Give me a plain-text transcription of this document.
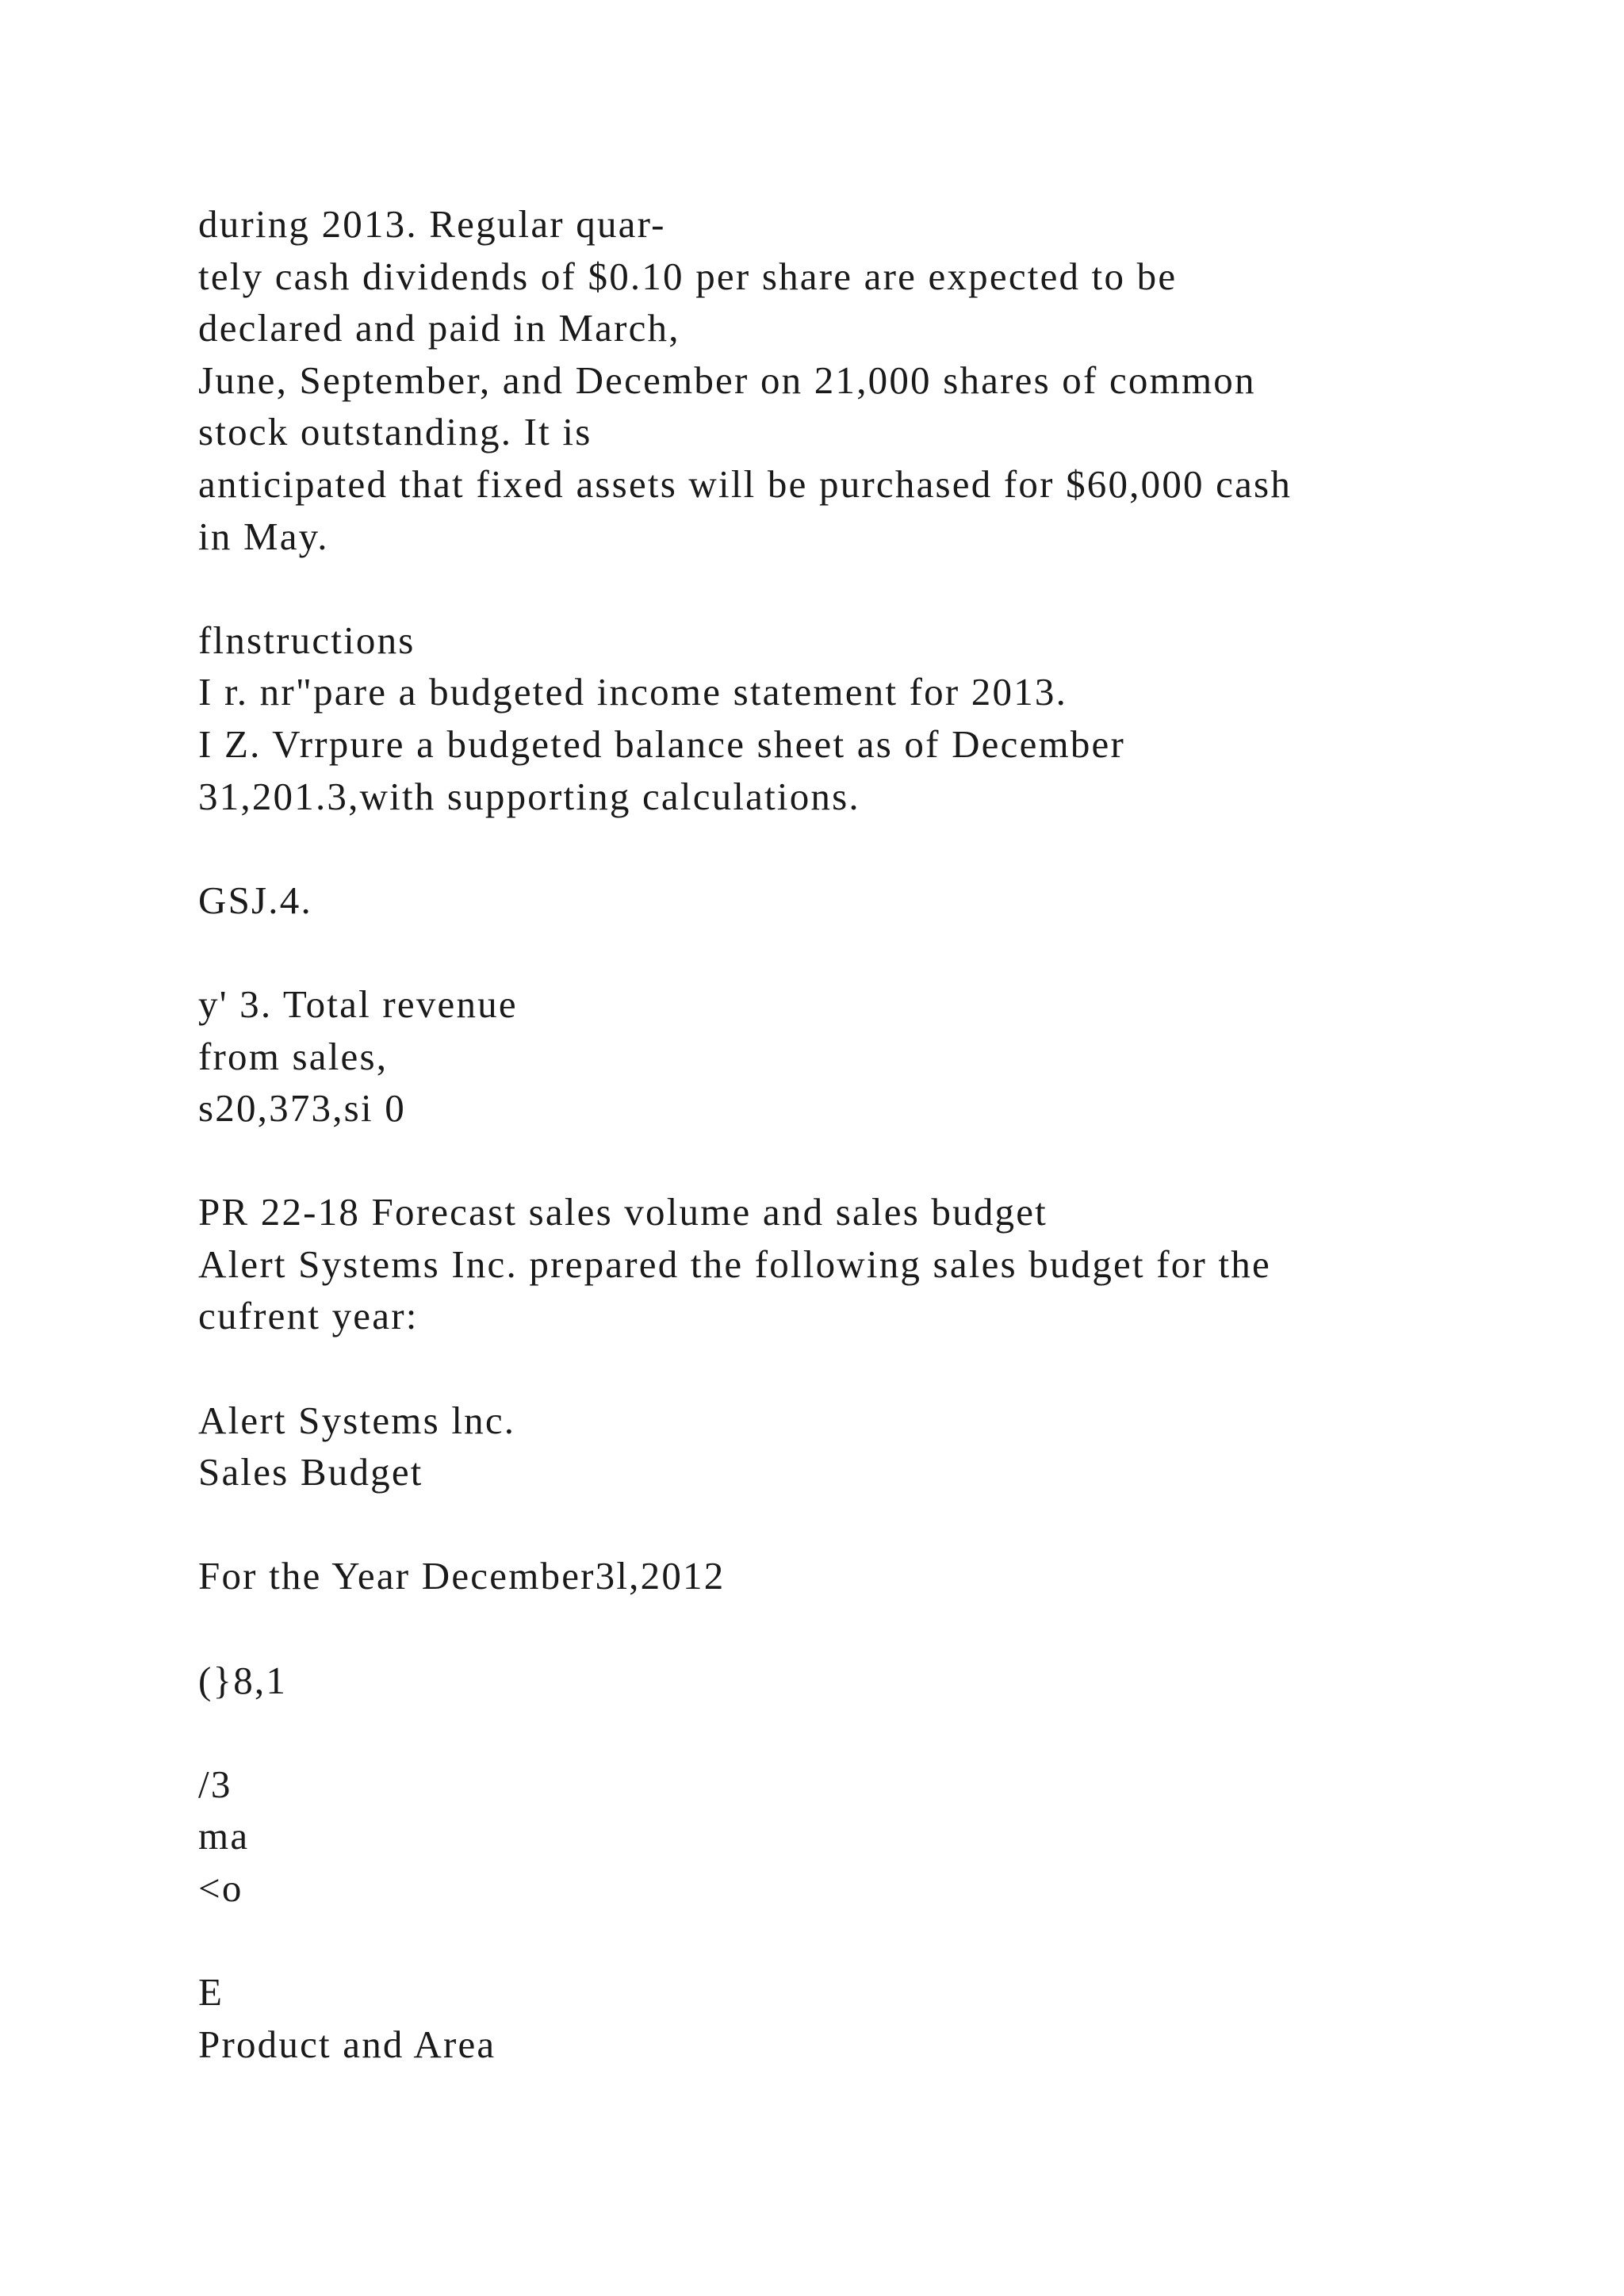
during 2013. Regular quar-
tely cash dividends of $0.10 per share are expected to be
declared and paid in March,
June, September, and December on 21,000 shares of common
stock outstanding. It is
anticipated that fixed assets will be purchased for $60,000 cash
in May.
flnstructions
I r. nr"pare a budgeted income statement for 2013.
I Z. Vrrpure a budgeted balance sheet as of December
31,201.3,with supporting calculations.
GSJ.4.
y' 3. Total revenue
from sales,
s20,373,si 0
PR 22-18 Forecast sales volume and sales budget
Alert Systems Inc. prepared the following sales budget for the
cufrent year:
Alert Systems lnc.
Sales Budget
For the Year December3l,2012
(}8,1
/3
ma
<o
E
Product and Area
